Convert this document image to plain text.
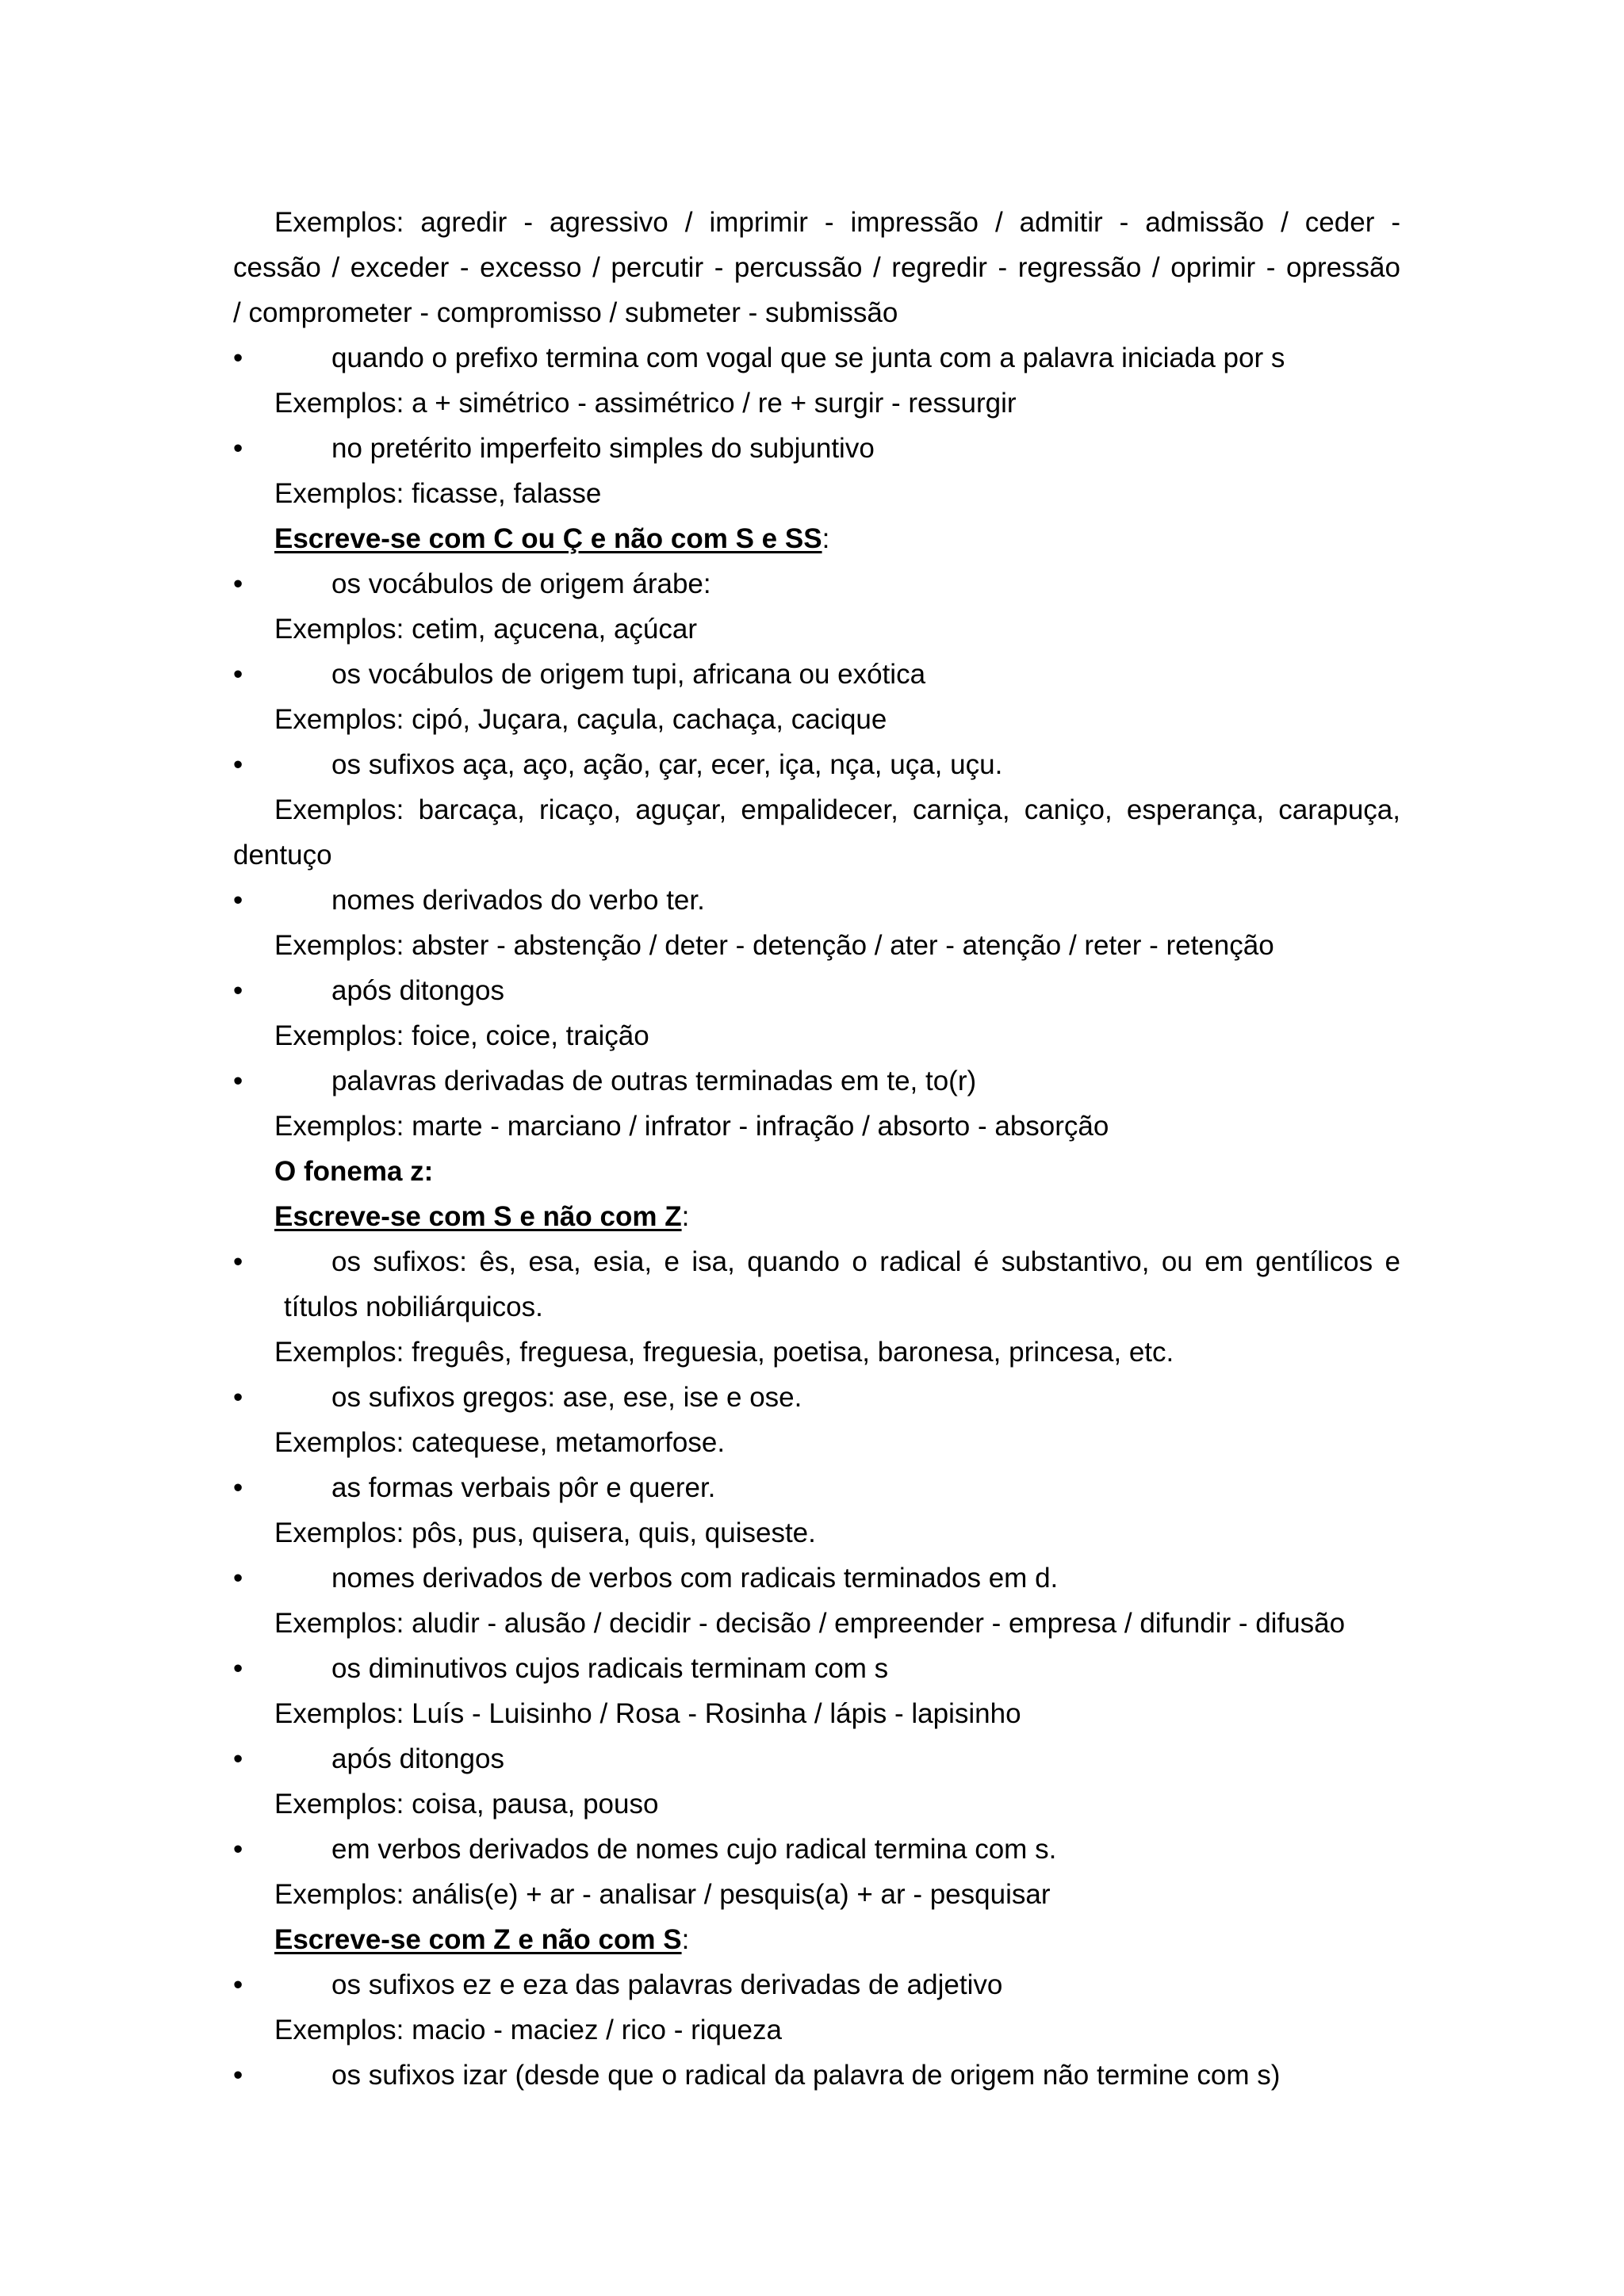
Exemplos: agredir - agressivo / imprimir - impressão / admitir - admissão / ceder -
cessão / exceder - excesso / percutir - percussão / regredir - regressão / oprimir - opressão
/ comprometer - compromisso / submeter - submissão
•	quando o prefixo termina com vogal que se junta com a palavra iniciada por s
Exemplos: a + simétrico - assimétrico / re + surgir - ressurgir
•	no pretérito imperfeito simples do subjuntivo
Exemplos: ficasse, falasse
Escreve-se com C ou Ç e não com S e SS:
•	os vocábulos de origem árabe:
Exemplos: cetim, açucena, açúcar
•	os vocábulos de origem tupi, africana ou exótica
Exemplos: cipó, Juçara, caçula, cachaça, cacique
•	os sufixos aça, aço, ação, çar, ecer, iça, nça, uça, uçu.
Exemplos: barcaça, ricaço, aguçar, empalidecer, carniça, caniço, esperança, carapuça,
dentuço
•	nomes derivados do verbo ter.
Exemplos: abster - abstenção / deter - detenção / ater - atenção / reter - retenção
•	após ditongos
Exemplos: foice, coice, traição
•	palavras derivadas de outras terminadas em te, to(r)
Exemplos: marte - marciano / infrator - infração / absorto - absorção
O fonema z:
Escreve-se com S e não com Z:
•	os sufixos: ês, esa, esia, e isa, quando o radical é substantivo, ou em gentílicos e
títulos nobiliárquicos.
Exemplos: freguês, freguesa, freguesia, poetisa, baronesa, princesa, etc.
•	os sufixos gregos: ase, ese, ise e ose.
Exemplos: catequese, metamorfose.
•	as formas verbais pôr e querer.
Exemplos: pôs, pus, quisera, quis, quiseste.
•	nomes derivados de verbos com radicais terminados em d.
Exemplos: aludir - alusão / decidir - decisão / empreender - empresa / difundir - difusão
•	os diminutivos cujos radicais terminam com s
Exemplos: Luís - Luisinho / Rosa - Rosinha / lápis - lapisinho
•	após ditongos
Exemplos: coisa, pausa, pouso
•	em verbos derivados de nomes cujo radical termina com s.
Exemplos: anális(e) + ar - analisar / pesquis(a) + ar - pesquisar
Escreve-se com Z e não com S:
•	os sufixos ez e eza das palavras derivadas de adjetivo
Exemplos: macio - maciez / rico - riqueza
•	os sufixos izar (desde que o radical da palavra de origem não termine com s)
